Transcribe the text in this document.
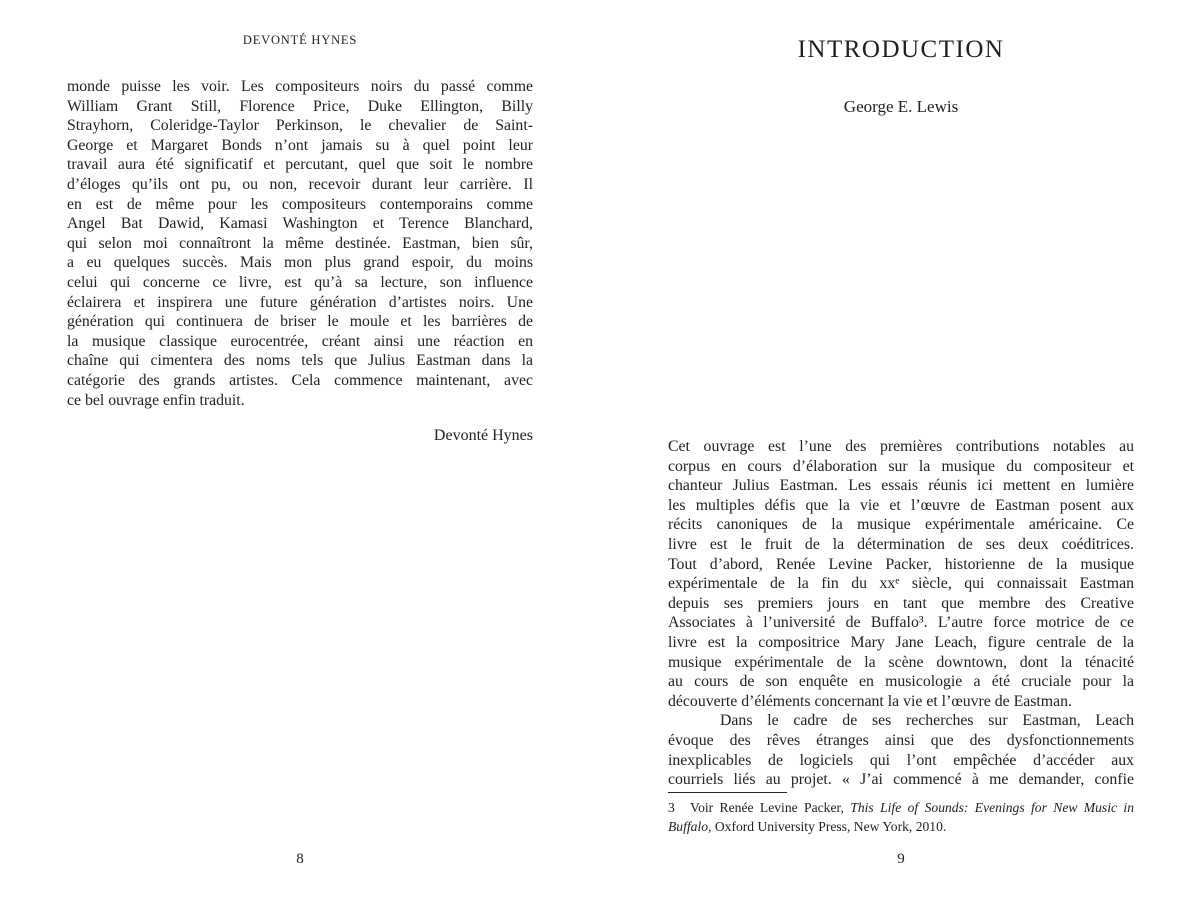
DEVONTÉ HYNES
monde puisse les voir. Les compositeurs noirs du passé comme
William Grant Still, Florence Price, Duke Ellington, Billy
Strayhorn, Coleridge-Taylor Perkinson, le chevalier de Saint-
George et Margaret Bonds n’ont jamais su à quel point leur
travail aura été significatif et percutant, quel que soit le nombre
d’éloges qu’ils ont pu, ou non, recevoir durant leur carrière. Il
en est de même pour les compositeurs contemporains comme
Angel Bat Dawid, Kamasi Washington et Terence Blanchard,
qui selon moi connaîtront la même destinée. Eastman, bien sûr,
a eu quelques succès. Mais mon plus grand espoir, du moins
celui qui concerne ce livre, est qu’à sa lecture, son influence
éclairera et inspirera une future génération d’artistes noirs. Une
génération qui continuera de briser le moule et les barrières de
la musique classique eurocentrée, créant ainsi une réaction en
chaîne qui cimentera des noms tels que Julius Eastman dans la
catégorie des grands artistes. Cela commence maintenant, avec
ce bel ouvrage enfin traduit.
Devonté Hynes
8
INTRODUCTION
George E. Lewis
Cet ouvrage est l’une des premières contributions notables au
corpus en cours d’élaboration sur la musique du compositeur et
chanteur Julius Eastman. Les essais réunis ici mettent en lumière
les multiples défis que la vie et l’œuvre de Eastman posent aux
récits canoniques de la musique expérimentale américaine. Ce
livre est le fruit de la détermination de ses deux coéditrices.
Tout d’abord, Renée Levine Packer, historienne de la musique
expérimentale de la fin du xxᵉ siècle, qui connaissait Eastman
depuis ses premiers jours en tant que membre des Creative
Associates à l’université de Buffalo³. L’autre force motrice de ce
livre est la compositrice Mary Jane Leach, figure centrale de la
musique expérimentale de la scène downtown, dont la ténacité
au cours de son enquête en musicologie a été cruciale pour la
découverte d’éléments concernant la vie et l’œuvre de Eastman.
Dans le cadre de ses recherches sur Eastman, Leach
évoque des rêves étranges ainsi que des dysfonctionnements
inexplicables de logiciels qui l’ont empêchée d’accéder aux
courriels liés au projet. « J’ai commencé à me demander, confie
3 Voir Renée Levine Packer, This Life of Sounds: Evenings for New Music in Buffalo, Oxford University Press, New York, 2010.
9
